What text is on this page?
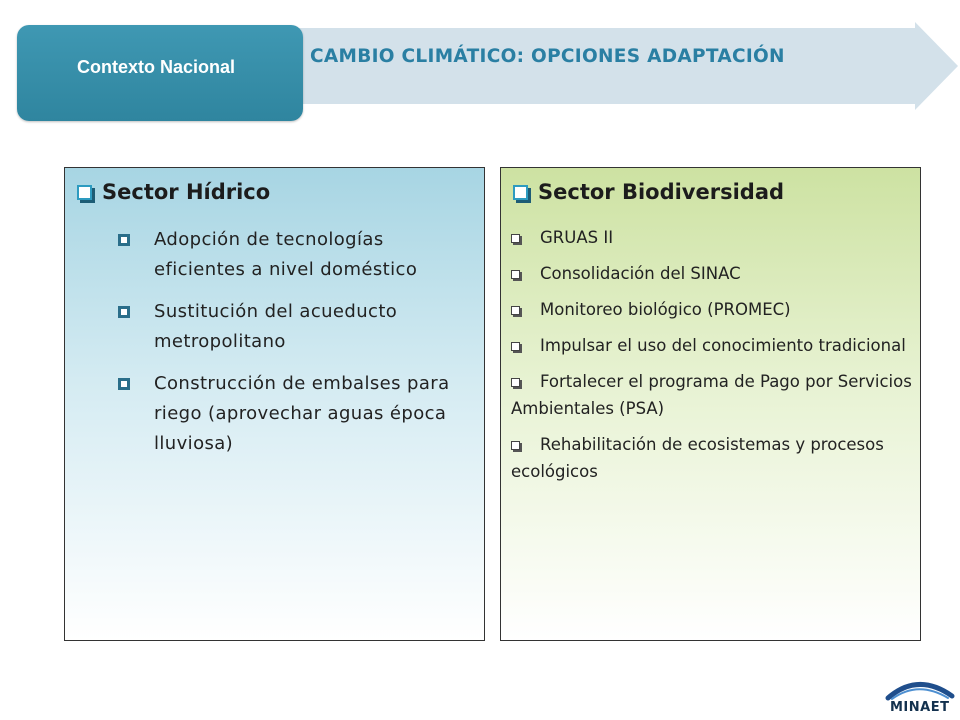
CAMBIO CLIMÁTICO: OPCIONES ADAPTACIÓN
Contexto Nacional
Sector Hídrico
Adopción de tecnologías eficientes a nivel doméstico
Sustitución del acueducto metropolitano
Construcción de embalses para riego (aprovechar aguas época lluviosa)
Sector Biodiversidad
GRUAS II
Consolidación del SINAC
Monitoreo biológico (PROMEC)
Impulsar el uso del conocimiento tradicional
Fortalecer el programa de Pago por Servicios Ambientales (PSA)
Rehabilitación de ecosistemas y procesos ecológicos
MINAET
